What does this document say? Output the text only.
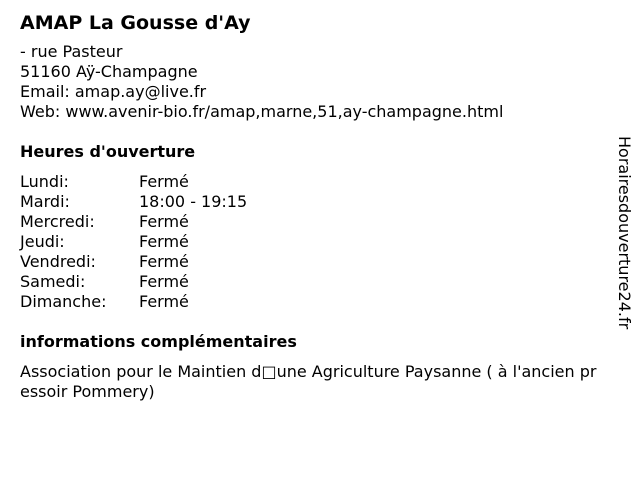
AMAP La Gousse d'Ay
- rue Pasteur
51160 Aÿ-Champagne
Email: amap.ay@live.fr
Web: www.avenir-bio.fr/amap,marne,51,ay-champagne.html
Heures d'ouverture
Lundi:	Fermé
Mardi:	18:00 - 19:15
Mercredi:	Fermé
Jeudi:	Fermé
Vendredi:	Fermé
Samedi:	Fermé
Dimanche:	Fermé
informations complémentaires
Association pour le Maintien d□une Agriculture Paysanne ( à l'ancien pressoir Pommery)
Horairesdouverture24.fr
